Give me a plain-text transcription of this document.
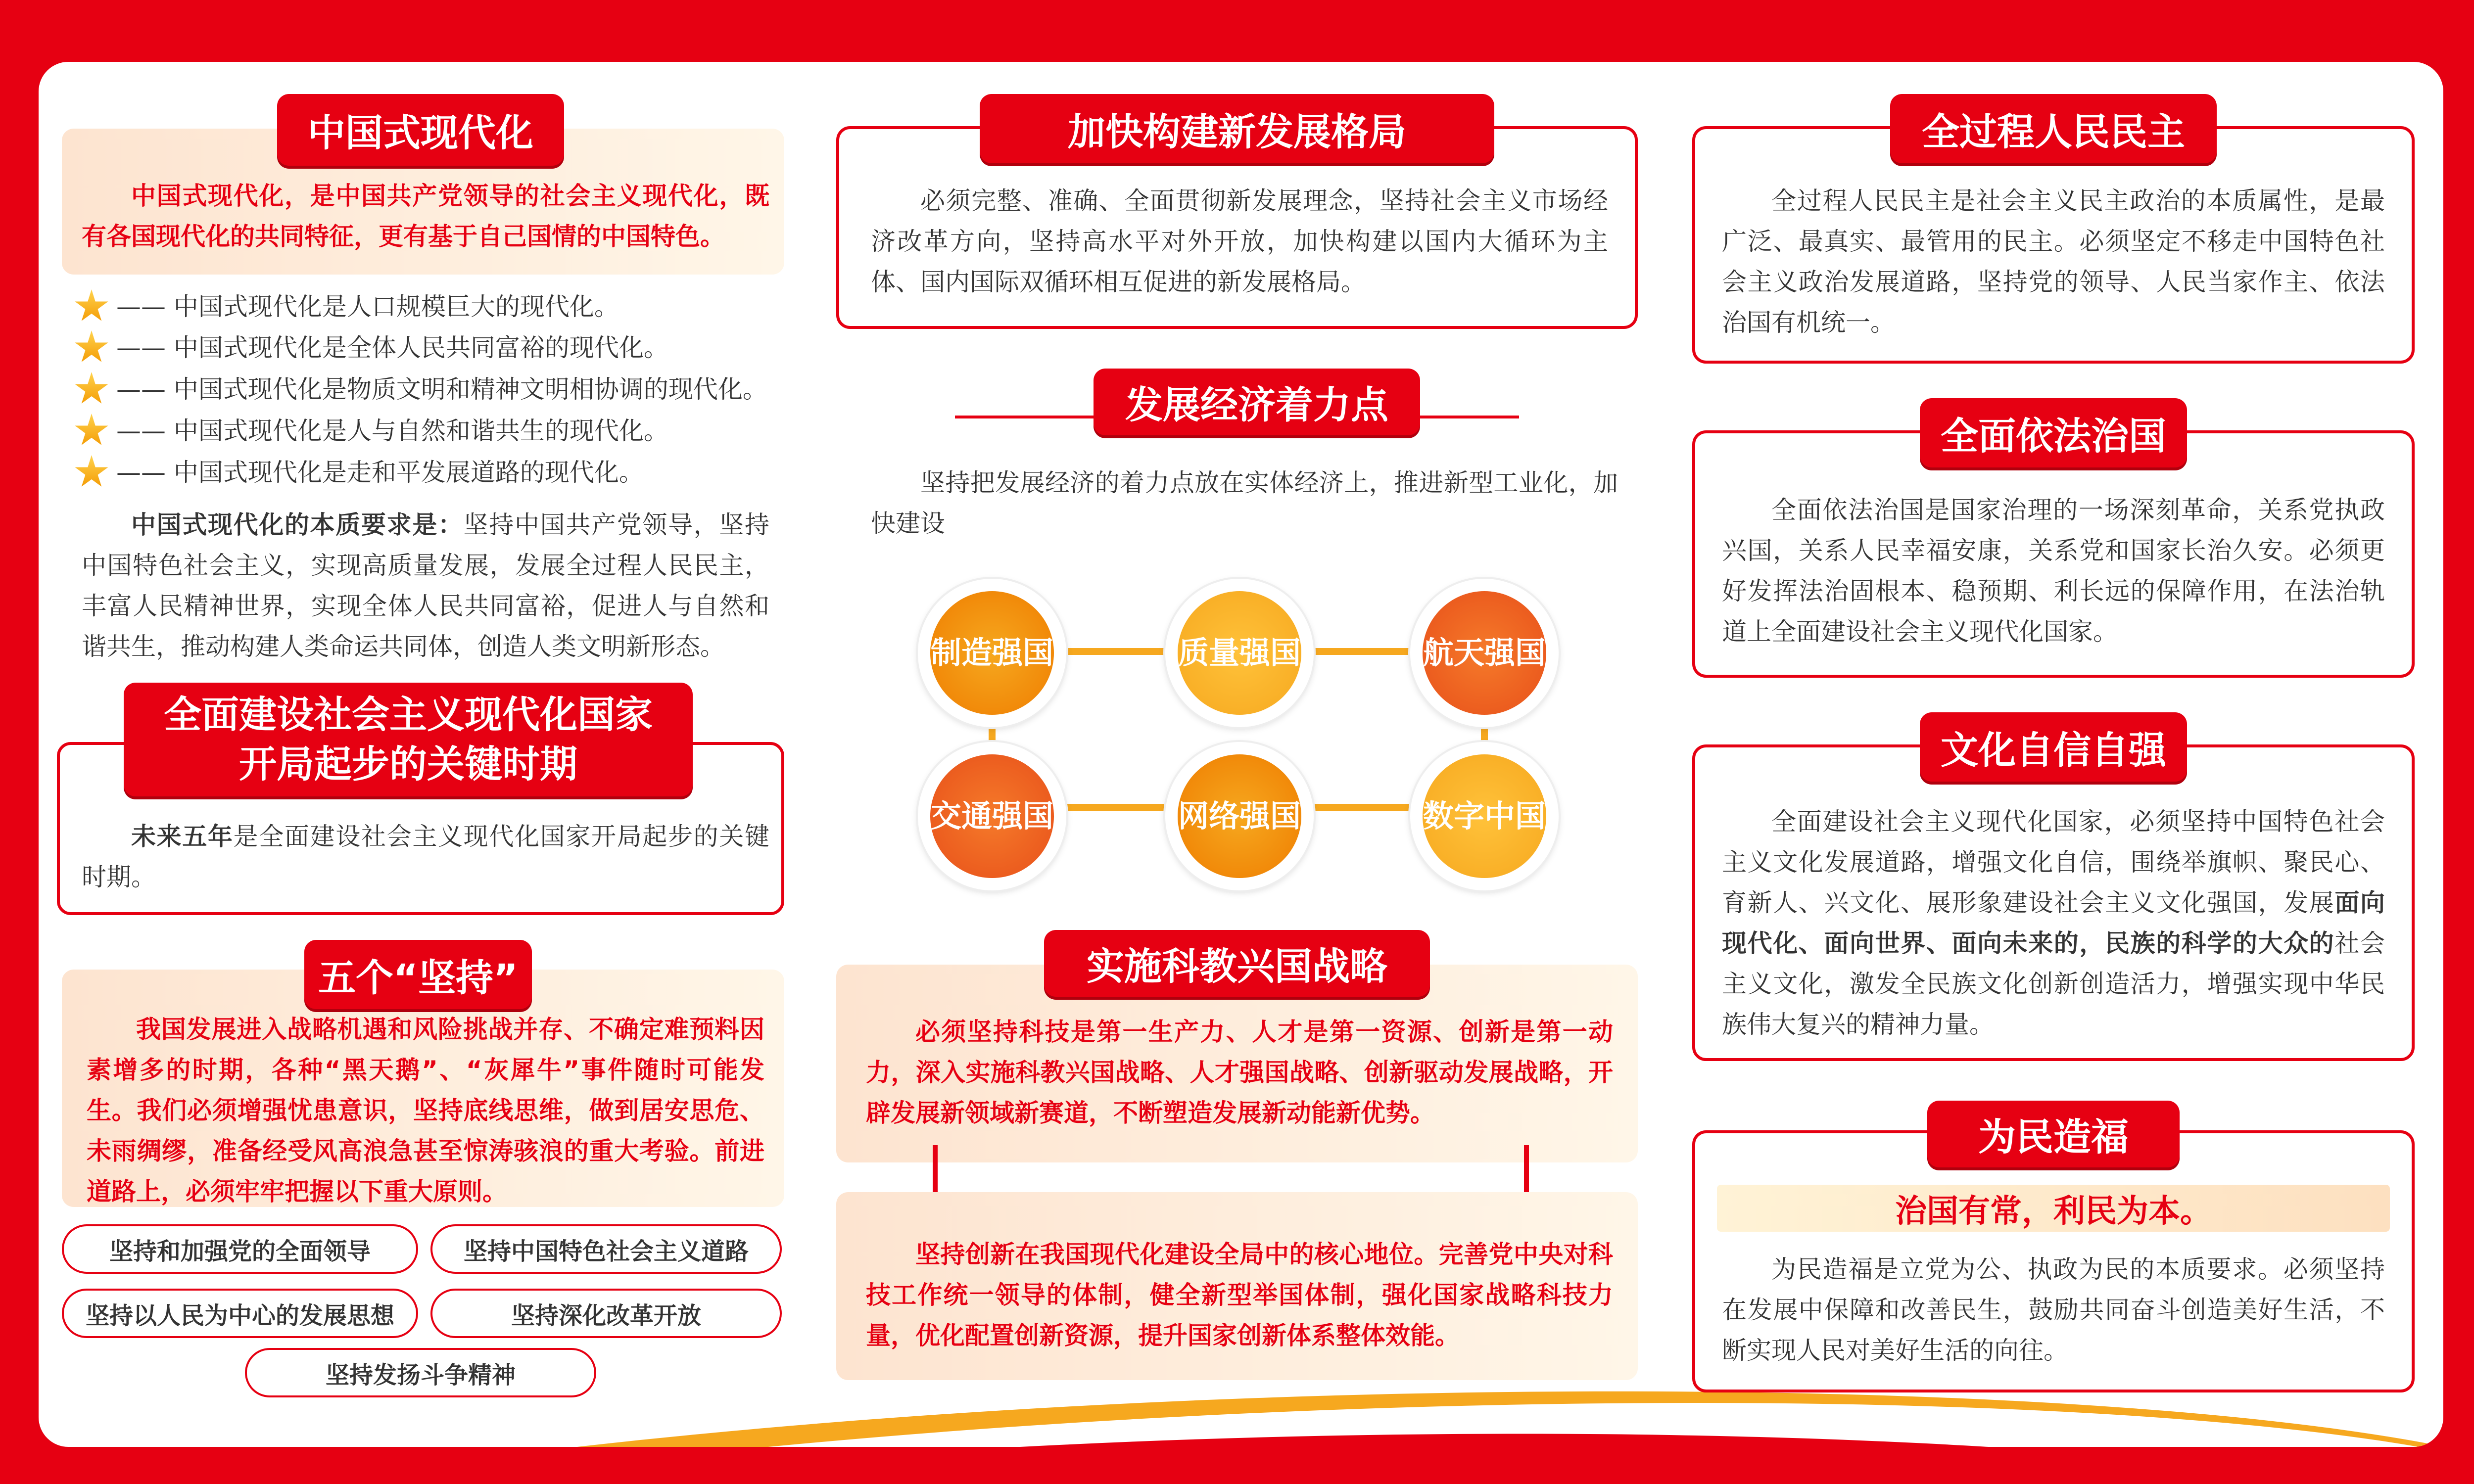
中国式现代化
中国式现代化，是中国共产党领导的社会主义现代化，既有各国现代化的共同特征，更有基于自己国情的中国特色。
—— 中国式现代化是人口规模巨大的现代化。
—— 中国式现代化是全体人民共同富裕的现代化。
—— 中国式现代化是物质文明和精神文明相协调的现代化。
—— 中国式现代化是人与自然和谐共生的现代化。
—— 中国式现代化是走和平发展道路的现代化。
中国式现代化的本质要求是：坚持中国共产党领导，坚持中国特色社会主义，实现高质量发展，发展全过程人民民主，丰富人民精神世界，实现全体人民共同富裕，促进人与自然和谐共生，推动构建人类命运共同体，创造人类文明新形态。
全面建设社会主义现代化国家
开局起步的关键时期
未来五年是全面建设社会主义现代化国家开局起步的关键时期。
五个“坚持”
我国发展进入战略机遇和风险挑战并存、不确定难预料因素增多的时期，各种“黑天鹅”、“灰犀牛”事件随时可能发生。我们必须增强忧患意识，坚持底线思维，做到居安思危、未雨绸缪，准备经受风高浪急甚至惊涛骇浪的重大考验。前进道路上，必须牢牢把握以下重大原则。
坚持和加强党的全面领导	坚持中国特色社会主义道路
坚持以人民为中心的发展思想	坚持深化改革开放
坚持发扬斗争精神
加快构建新发展格局
必须完整、准确、全面贯彻新发展理念，坚持社会主义市场经济改革方向，坚持高水平对外开放，加快构建以国内大循环为主体、国内国际双循环相互促进的新发展格局。
发展经济着力点
坚持把发展经济的着力点放在实体经济上，推进新型工业化，加快建设
制造 强国	质量 强国	航天 强国
交通 强国	网络 强国	数字 中国
实施科教兴国战略
必须坚持科技是第一生产力、人才是第一资源、创新是第一动力，深入实施科教兴国战略、人才强国战略、创新驱动发展战略，开辟发展新领域新赛道，不断塑造发展新动能新优势。
坚持创新在我国现代化建设全局中的核心地位。完善党中央对科技工作统一领导的体制，健全新型举国体制，强化国家战略科技力量，优化配置创新资源，提升国家创新体系整体效能。
全过程人民民主
全过程人民民主是社会主义民主政治的本质属性，是最广泛、最真实、最管用的民主。必须坚定不移走中国特色社会主义政治发展道路，坚持党的领导、人民当家作主、依法治国有机统一。
全面依法治国
全面依法治国是国家治理的一场深刻革命，关系党执政兴国，关系人民幸福安康，关系党和国家长治久安。必须更好发挥法治固根本、稳预期、利长远的保障作用，在法治轨道上全面建设社会主义现代化国家。
文化自信自强
全面建设社会主义现代化国家，必须坚持中国特色社会主义文化发展道路，增强文化自信，围绕举旗帜、聚民心、育新人、兴文化、展形象建设社会主义文化强国，发展面向现代化、面向世界、面向未来的，民族的科学的大众的社会主义文化，激发全民族文化创新创造活力，增强实现中华民族伟大复兴的精神力量。
为民造福
治国有常，利民为本。
为民造福是立党为公、执政为民的本质要求。必须坚持在发展中保障和改善民生，鼓励共同奋斗创造美好生活，不断实现人民对美好生活的向往。
